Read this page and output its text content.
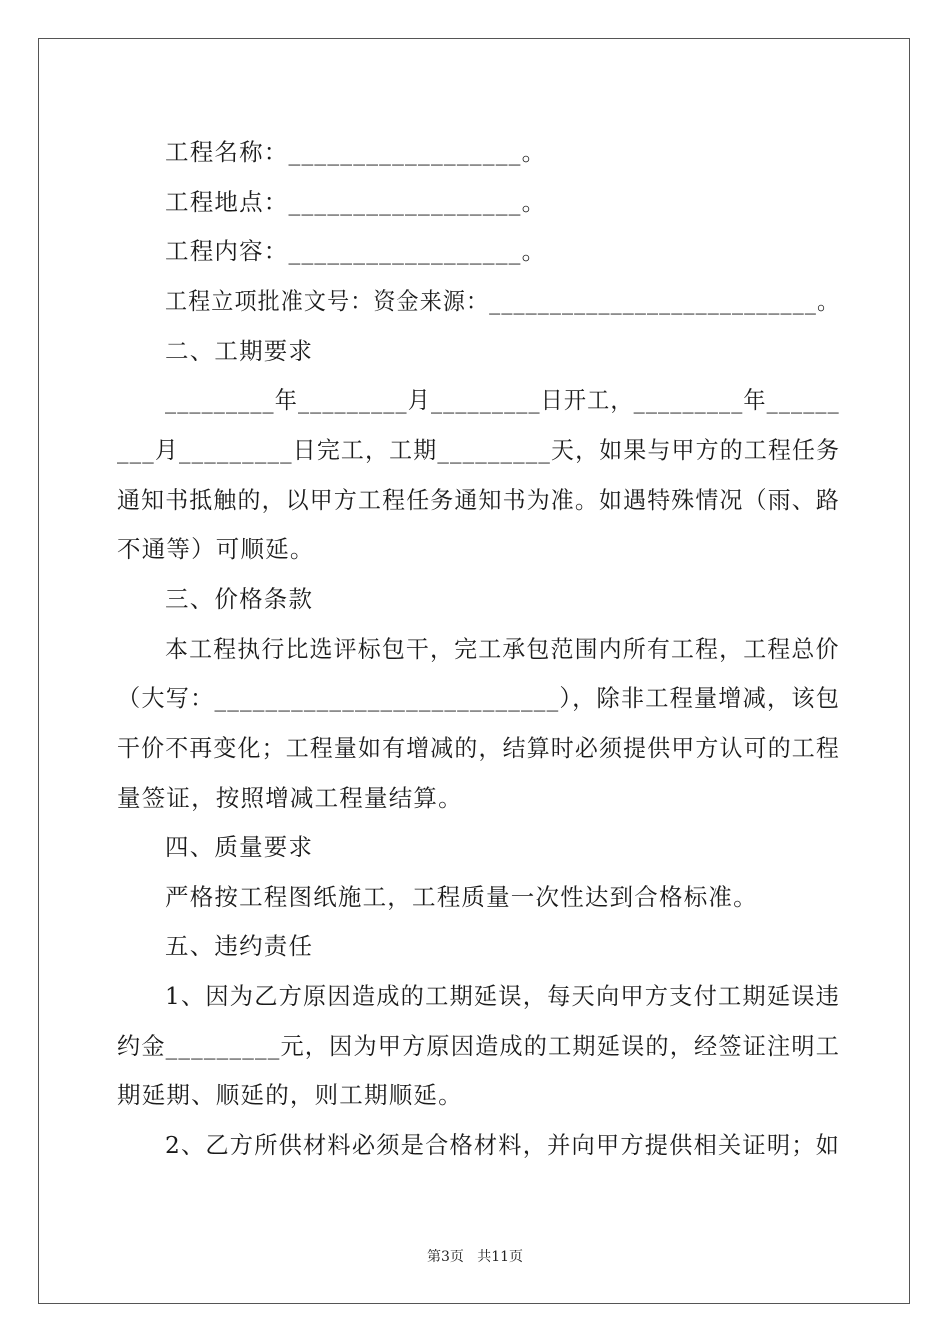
工程名称：__________________。
工程地点：__________________。
工程内容：__________________。
工程立项批准文号：资金来源：___________________________。
二、工期要求
_________年_________月_________日开工，_________年______
___月_________日完工，工期_________天，如果与甲方的工程任务
通知书抵触的，以甲方工程任务通知书为准。如遇特殊情况（雨、路
不通等）可顺延。
三、价格条款
本工程执行比选评标包干，完工承包范围内所有工程，工程总价
（大写：___________________________），除非工程量增减，该包
干价不再变化；工程量如有增减的，结算时必须提供甲方认可的工程
量签证，按照增减工程量结算。
四、质量要求
严格按工程图纸施工，工程质量一次性达到合格标准。
五、违约责任
1、因为乙方原因造成的工期延误，每天向甲方支付工期延误违
约金_________元，因为甲方原因造成的工期延误的，经签证注明工
期延期、顺延的，则工期顺延。
2、乙方所供材料必须是合格材料，并向甲方提供相关证明；如
第3页   共11页
